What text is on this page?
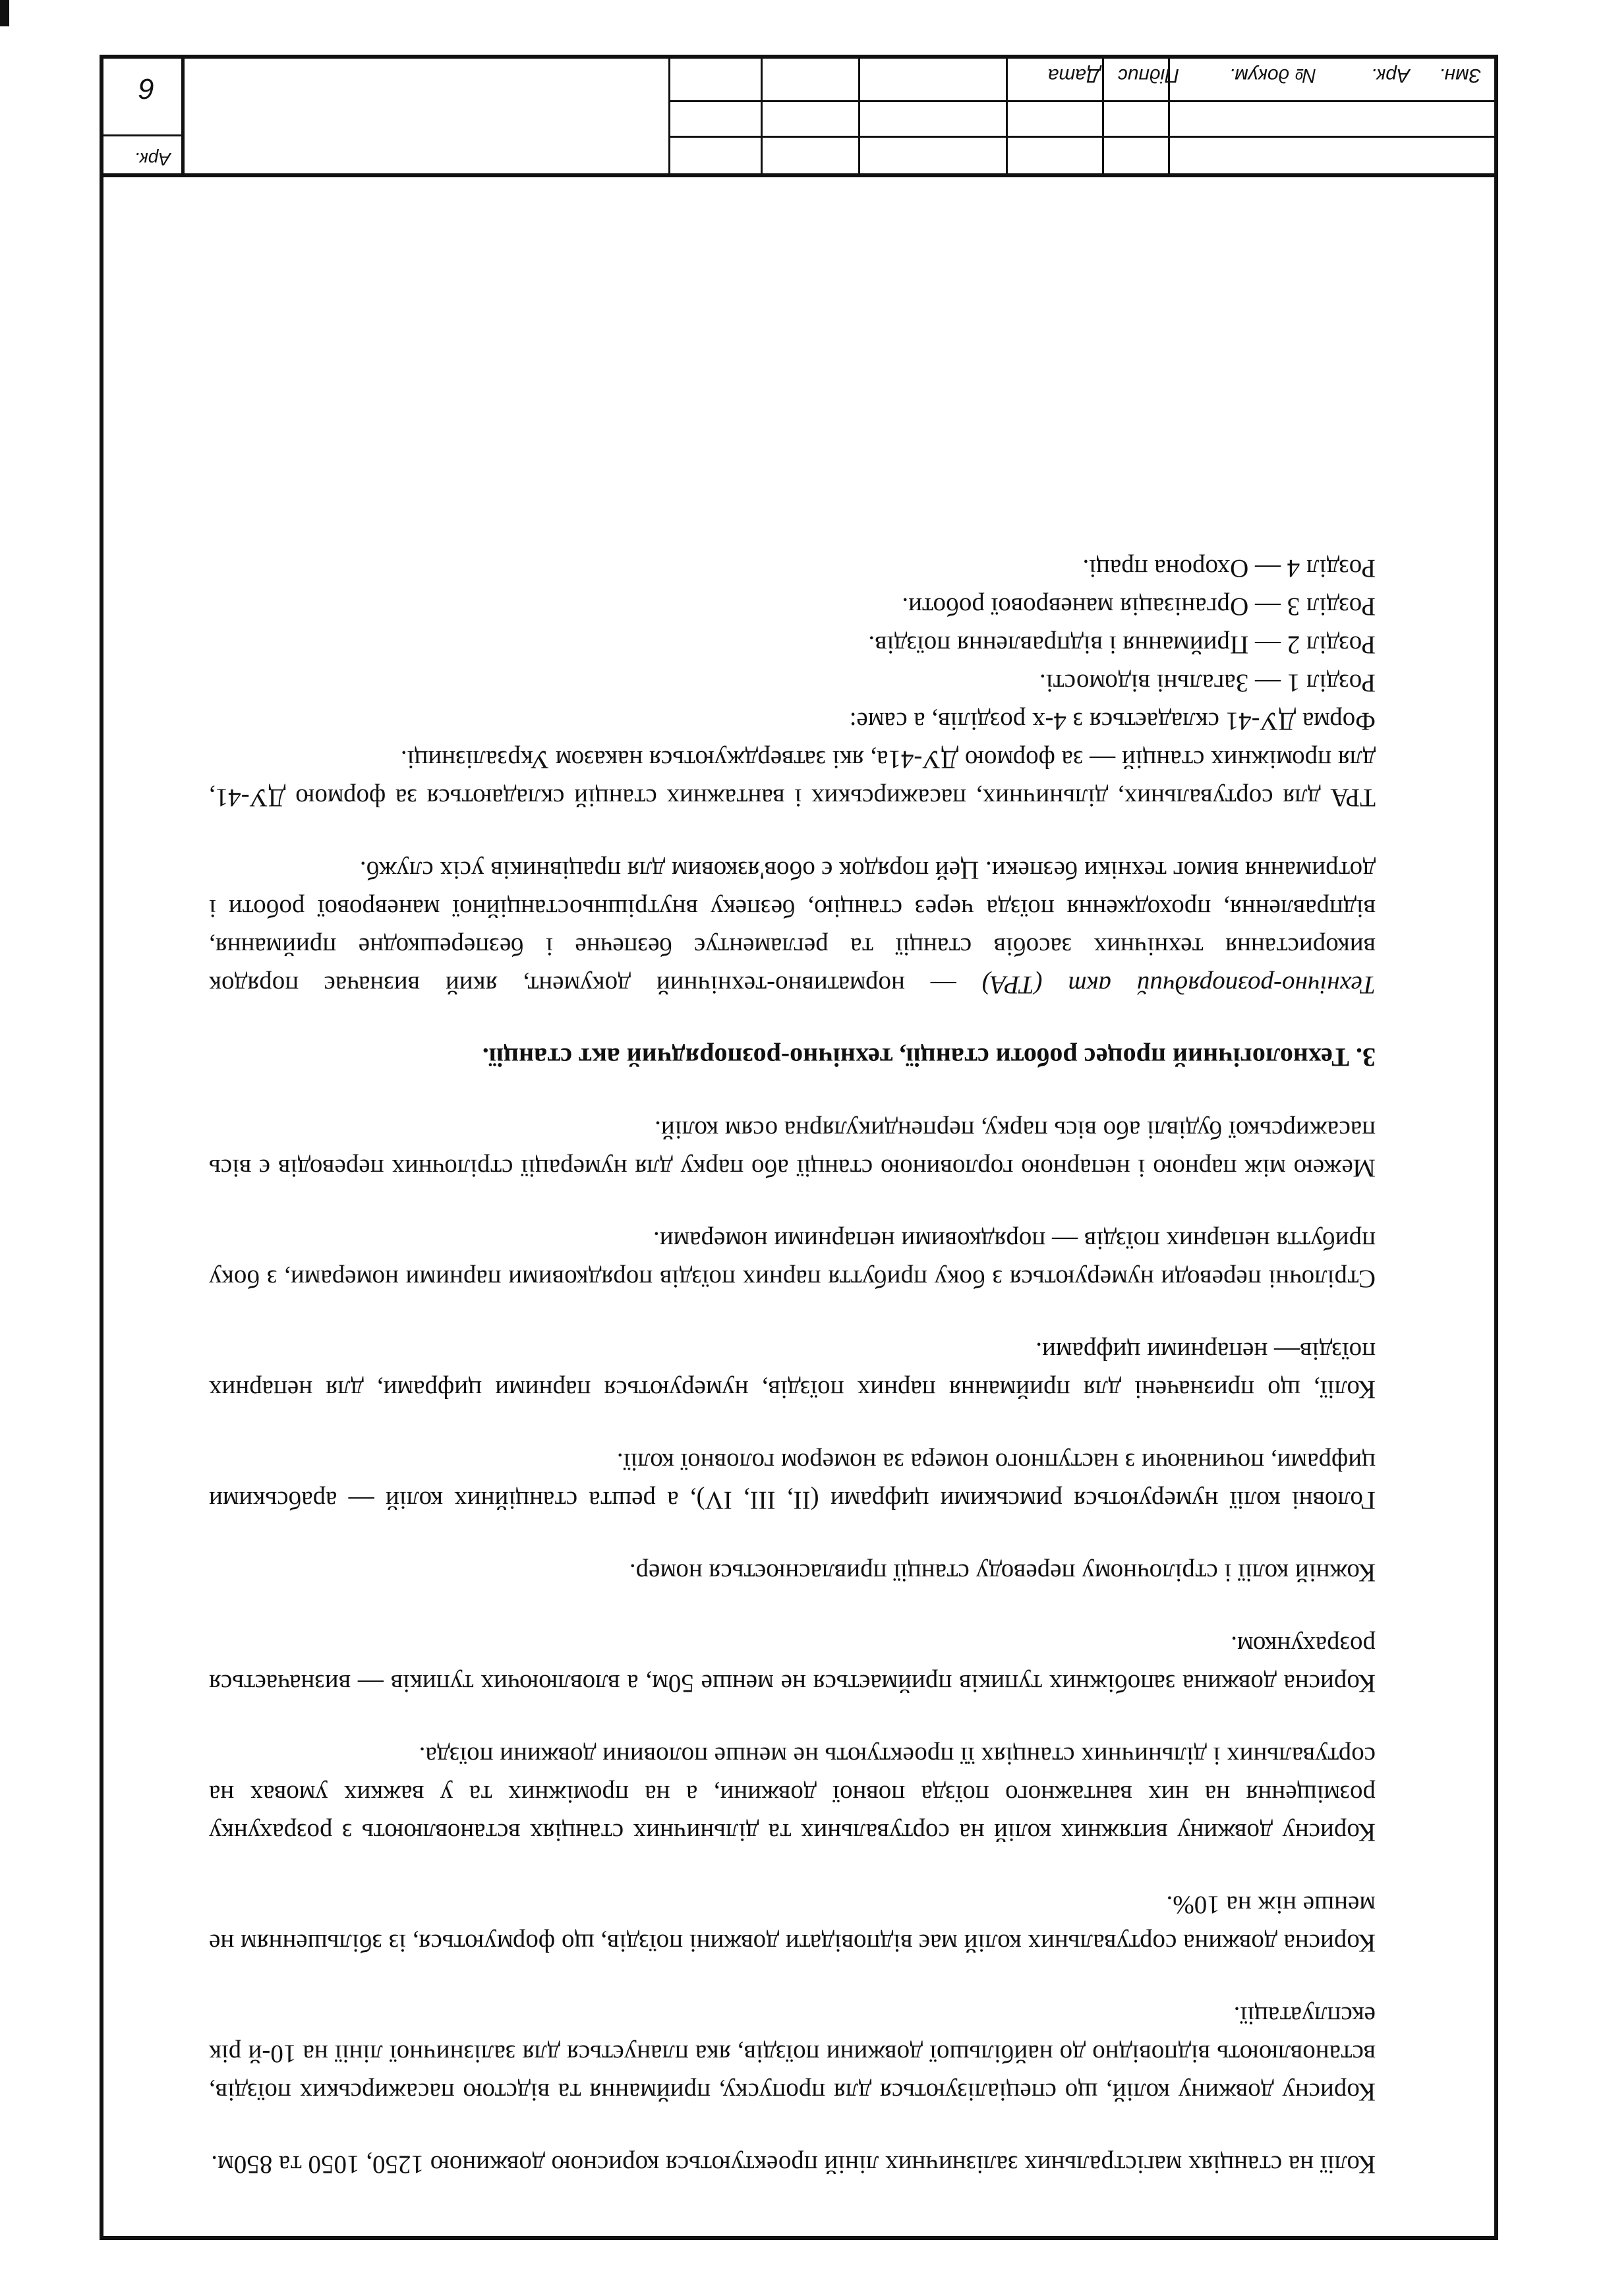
Колії на станціях магістральних залізничних ліній проектуються корисною довжиною 1250, 1050 та 850м.

Корисну довжину колій, що спеціалізуються для пропуску, приймання та відстою пасажирських поїздів, встановлюють відповідно до найбільшої довжини поїздів, яка планується для залізничної лінії на 10-й рік експлуатації.

Корисна довжина сортувальних колій має відповідати довжині поїздів, що формуються, із збільшенням не менше ніж на 10%.

Корисну довжину витяжних колій на сортувальних та дільничних станціях встановлюють з розрахунку розміщення на них вантажного поїзда повної довжини, а на проміжних та у важких умовах на сортувальних і дільничних станціях її проектують не менше половини довжини поїзда.

Корисна довжина запобіжних тупиків приймається не менше 50м, а вловлюючих тупиків — визначається розрахунком.

Кожній колії і стрілочному переводу станції привласнюється номер.

Головні колії нумеруються римськими цифрами (II, III, IV), а решта станційних колій — арабськими цифрами, починаючи з наступного номера за номером головної колії.

Колії, що призначені для приймання парних поїздів, нумеруються парними цифрами, для непарних поїздів— непарними цифрами.

Стрілочні переводи нумеруються з боку прибуття парних поїздів порядковими парними номерами, з боку прибуття непарних поїздів — порядковими непарними номерами.

Межею між парною і непарною горловиною станції або парку для нумерації стрілочних переводів є вісь пасажирської будівлі або вісь парку, перпендикулярна осям колій.

3. Технологічний процес роботи станції, технічно-розпорядчий акт станції.

Технічно-розпорядчий акт (ТРА) — нормативно-технічний документ, який визначає порядок використання технічних засобів станції та регламентує безпечне і безперешкодне приймання, відправлення, проходження поїзда через станцію, безпеку внутрішньостанційної маневрової роботи і дотримання вимог техніки безпеки. Цей порядок є обов'язковим для працівників усіх служб.

ТРА для сортувальних, дільничних, пасажирських і вантажних станцій складаються за формою ДУ-41, для проміжних станцій — за формою ДУ-41а, які затверджуються наказом Укрзалізниці.

Форма ДУ-41 складається з 4-х розділів, а саме:

Розділ 1 — Загальні відомості.
Розділ 2 — Приймання і відправлення поїздів.
Розділ 3 — Організація маневрової роботи.
Розділ 4 — Охорона праці.
Змн.
Арк.
№ докум.
Підпис
Дата
Арк.
6
